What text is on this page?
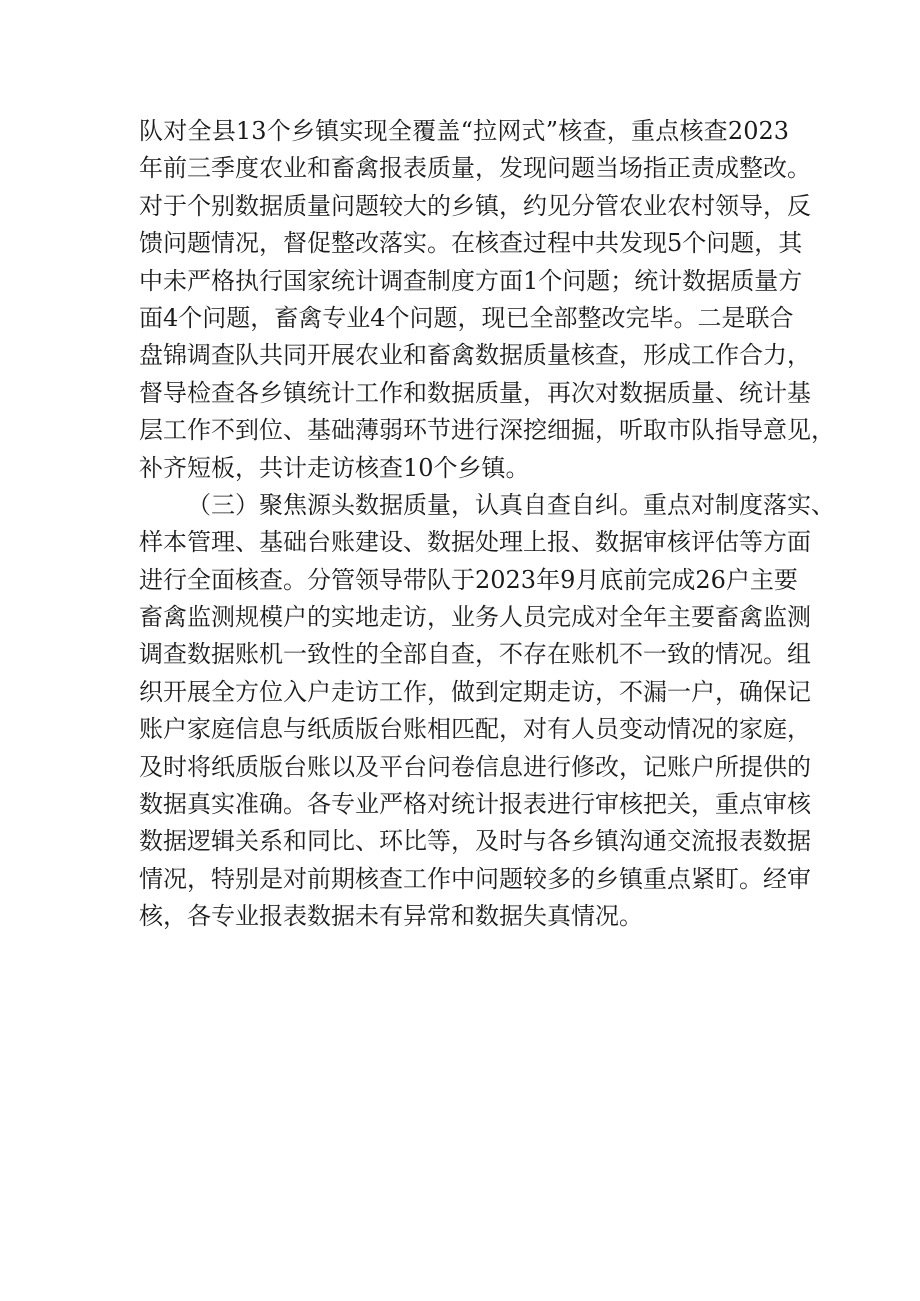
队对全县13个乡镇实现全覆盖“拉网式”核查，重点核查2023
年前三季度农业和畜禽报表质量，发现问题当场指正责成整改。
对于个别数据质量问题较大的乡镇，约见分管农业农村领导，反
馈问题情况，督促整改落实。在核查过程中共发现5个问题，其
中未严格执行国家统计调查制度方面1个问题；统计数据质量方
面4个问题，畜禽专业4个问题，现已全部整改完毕。二是联合
盘锦调查队共同开展农业和畜禽数据质量核查，形成工作合力，
督导检查各乡镇统计工作和数据质量，再次对数据质量、统计基
层工作不到位、基础薄弱环节进行深挖细掘，听取市队指导意见，
补齐短板，共计走访核查10个乡镇。
（三）聚焦源头数据质量，认真自查自纠。重点对制度落实、
样本管理、基础台账建设、数据处理上报、数据审核评估等方面
进行全面核查。分管领导带队于2023年9月底前完成26户主要
畜禽监测规模户的实地走访，业务人员完成对全年主要畜禽监测
调查数据账机一致性的全部自查，不存在账机不一致的情况。组
织开展全方位入户走访工作，做到定期走访，不漏一户，确保记
账户家庭信息与纸质版台账相匹配，对有人员变动情况的家庭，
及时将纸质版台账以及平台问卷信息进行修改，记账户所提供的
数据真实准确。各专业严格对统计报表进行审核把关，重点审核
数据逻辑关系和同比、环比等，及时与各乡镇沟通交流报表数据
情况，特别是对前期核查工作中问题较多的乡镇重点紧盯。经审
核，各专业报表数据未有异常和数据失真情况。
